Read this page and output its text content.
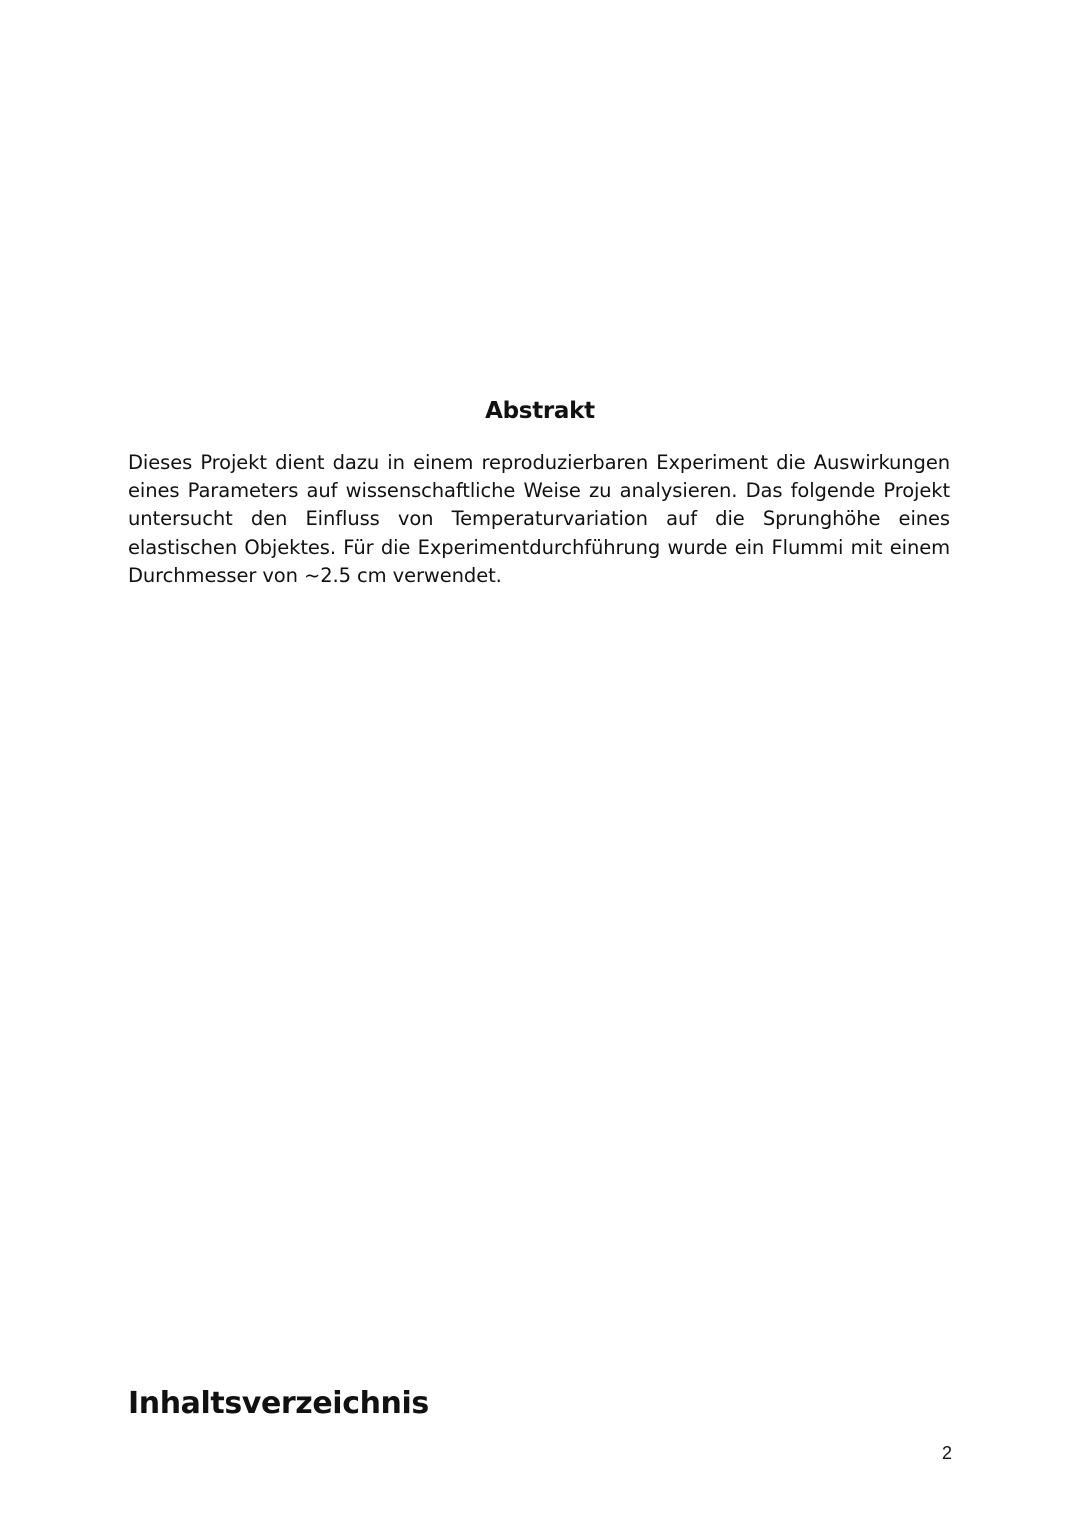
Abstrakt

Dieses Projekt dient dazu in einem reproduzierbaren Experiment die Auswirkungen eines Parameters auf wissenschaftliche Weise zu analysieren. Das folgende Projekt untersucht den Einfluss von Temperaturvariation auf die Sprunghöhe eines elastischen Objektes. Für die Experimentdurchführung wurde ein Flummi mit einem Durchmesser von ~2.5 cm verwendet.

Inhaltsverzeichnis
2
